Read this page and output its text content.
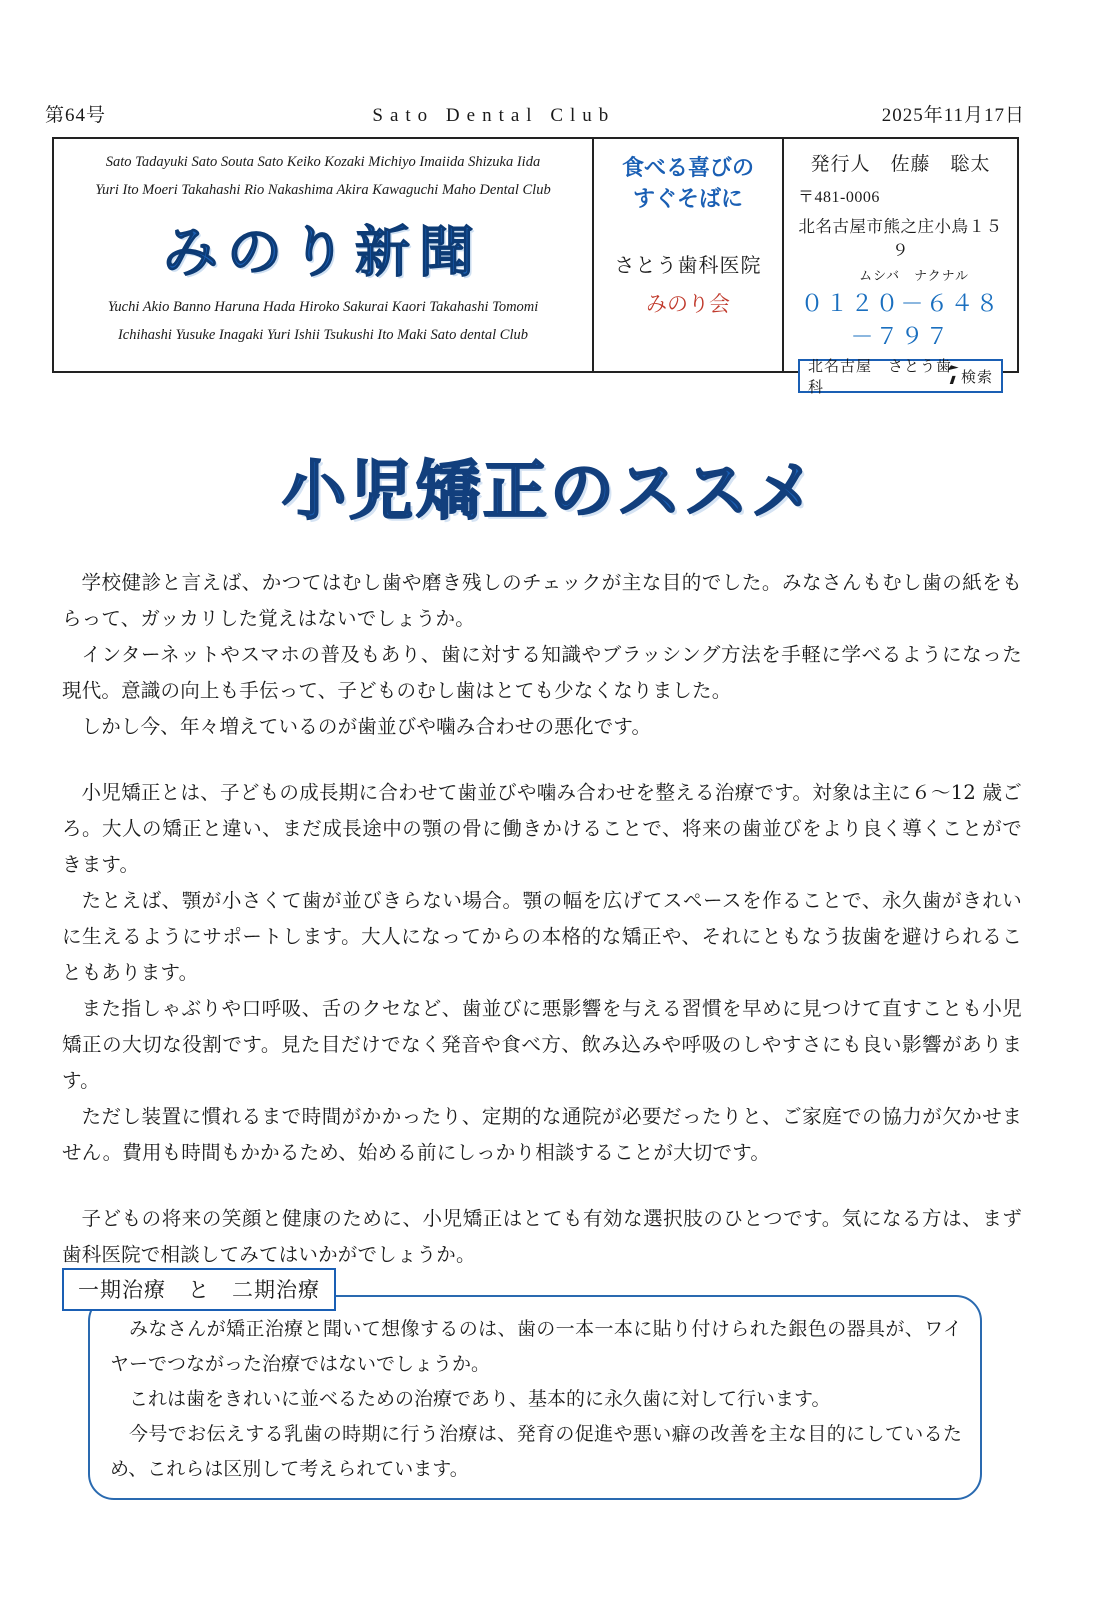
第64号	Sato Dental Club	2025年11月17日
Sato Tadayuki Sato Souta Sato Keiko Kozaki Michiyo Imaiida Shizuka Iida
Yuri Ito Moeri Takahashi Rio Nakashima Akira Kawaguchi Maho Dental Club
みのり新聞
Yuchi Akio Banno Haruna Hada Hiroko Sakurai Kaori Takahashi Tomomi
Ichihashi Yusuke Inagaki Yuri Ishii Tsukushi Ito Maki Sato dental Club
食べる喜びの
すぐそばに
さとう歯科医院
みのり会
発行人　佐藤　聡太
〒481-0006
北名古屋市熊之庄小鳥１５９
ムシバ　ナクナル
０１２０－６４８－７９７
北名古屋　さとう歯科
検索
小児矯正のススメ

学校健診と言えば、かつてはむし歯や磨き残しのチェックが主な目的でした。みなさんもむし歯の紙をもらって、ガッカリした覚えはないでしょうか。

インターネットやスマホの普及もあり、歯に対する知識やブラッシング方法を手軽に学べるようになった現代。意識の向上も手伝って、子どものむし歯はとても少なくなりました。

しかし今、年々増えているのが歯並びや噛み合わせの悪化です。

小児矯正とは、子どもの成長期に合わせて歯並びや噛み合わせを整える治療です。対象は主に６〜12 歳ごろ。大人の矯正と違い、まだ成長途中の顎の骨に働きかけることで、将来の歯並びをより良く導くことができます。

たとえば、顎が小さくて歯が並びきらない場合。顎の幅を広げてスペースを作ることで、永久歯がきれいに生えるようにサポートします。大人になってからの本格的な矯正や、それにともなう抜歯を避けられることもあります。

また指しゃぶりや口呼吸、舌のクセなど、歯並びに悪影響を与える習慣を早めに見つけて直すことも小児矯正の大切な役割です。見た目だけでなく発音や食べ方、飲み込みや呼吸のしやすさにも良い影響があります。

ただし装置に慣れるまで時間がかかったり、定期的な通院が必要だったりと、ご家庭での協力が欠かせません。費用も時間もかかるため、始める前にしっかり相談することが大切です。

子どもの将来の笑顔と健康のために、小児矯正はとても有効な選択肢のひとつです。気になる方は、まず歯科医院で相談してみてはいかがでしょうか。

一期治療　と　二期治療

みなさんが矯正治療と聞いて想像するのは、歯の一本一本に貼り付けられた銀色の器具が、ワイヤーでつながった治療ではないでしょうか。

これは歯をきれいに並べるための治療であり、基本的に永久歯に対して行います。

今号でお伝えする乳歯の時期に行う治療は、発育の促進や悪い癖の改善を主な目的にしているため、これらは区別して考えられています。
